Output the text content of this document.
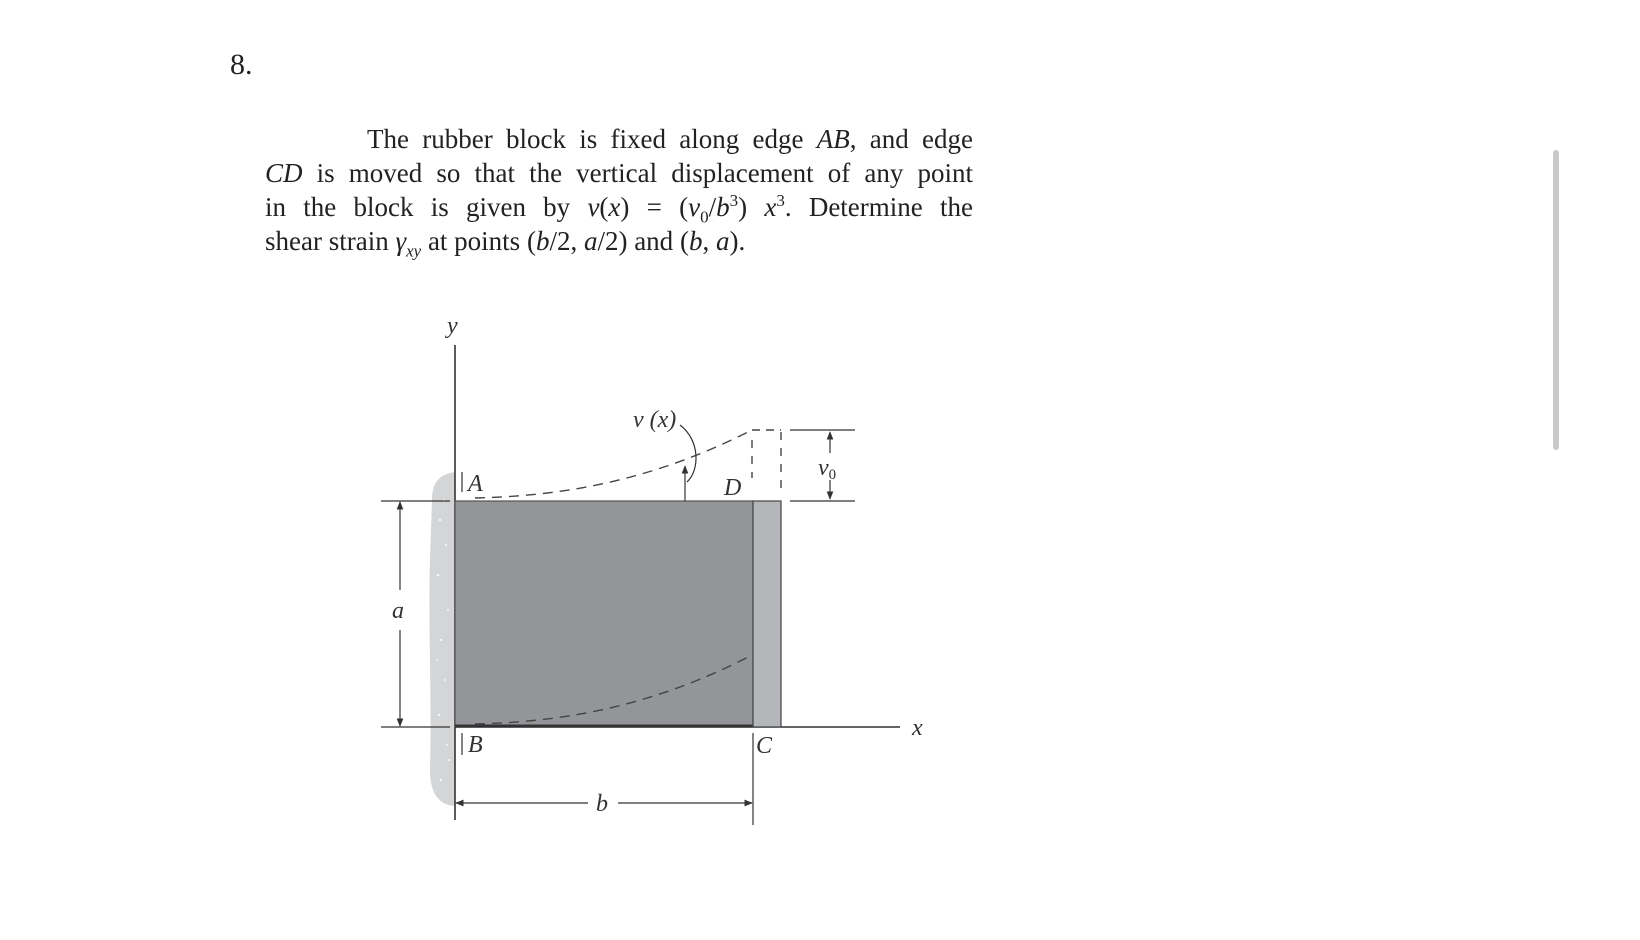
8.
The rubber block is fixed along edge AB, and edge
CD is moved so that the vertical displacement of any point
in the block is given by $v(x) = (v_0/b^3)$ $x^3$. Determine the
shear strain $\gamma_{xy}$ at points (b/2, a/2) and (b, a).
y
x
v (x)
A
B	C
D
a
b
v0
